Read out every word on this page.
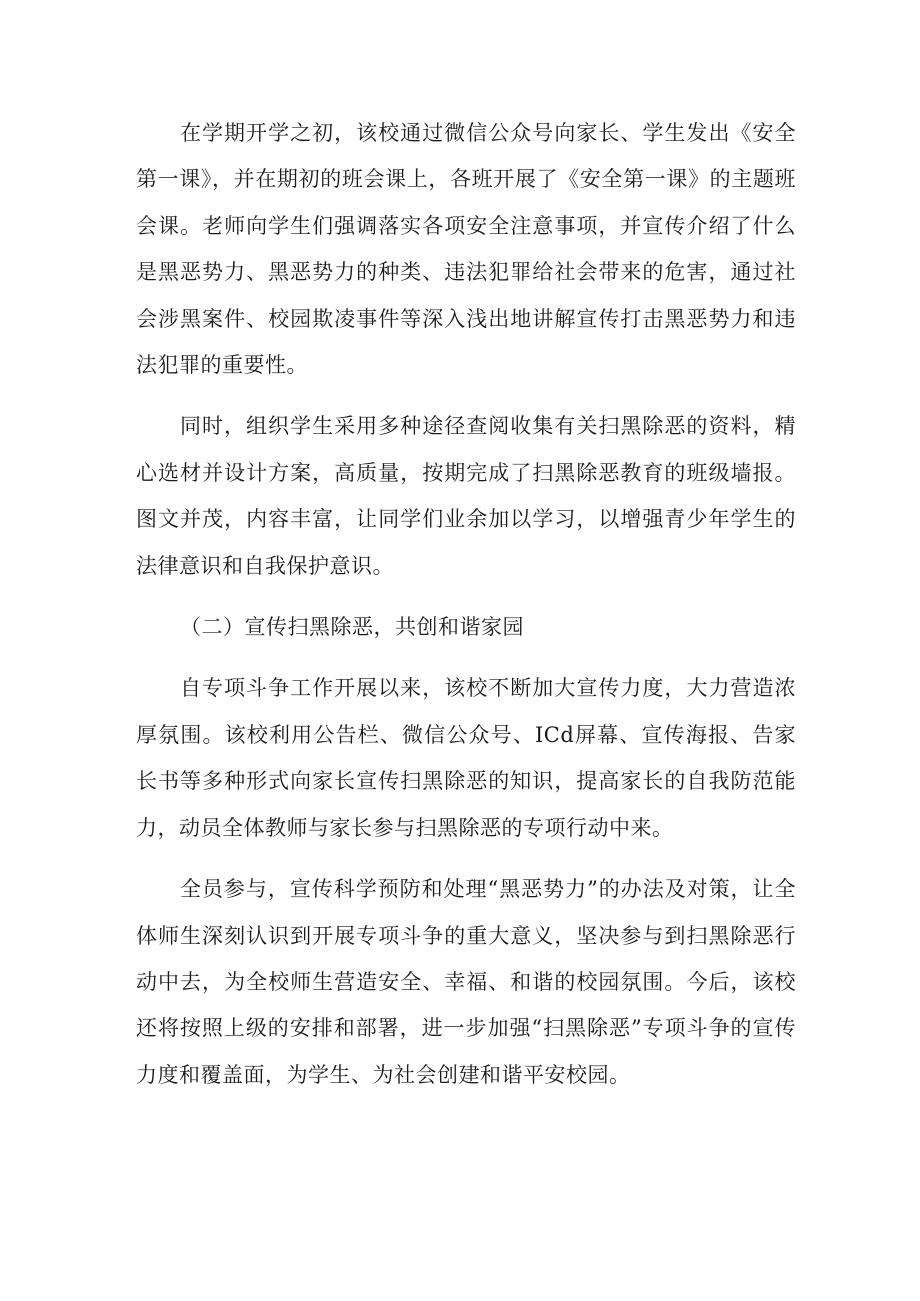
在学期开学之初，该校通过微信公众号向家长、学生发出《安全第一课》，并在期初的班会课上，各班开展了《安全第一课》的主题班会课。老师向学生们强调落实各项安全注意事项，并宣传介绍了什么是黑恶势力、黑恶势力的种类、违法犯罪给社会带来的危害，通过社会涉黑案件、校园欺凌事件等深入浅出地讲解宣传打击黑恶势力和违法犯罪的重要性。

同时，组织学生采用多种途径查阅收集有关扫黑除恶的资料，精心选材并设计方案，高质量，按期完成了扫黑除恶教育的班级墙报。图文并茂，内容丰富，让同学们业余加以学习，以增强青少年学生的法律意识和自我保护意识。

（二）宣传扫黑除恶，共创和谐家园

自专项斗争工作开展以来，该校不断加大宣传力度，大力营造浓厚氛围。该校利用公告栏、微信公众号、ICd屏幕、宣传海报、告家长书等多种形式向家长宣传扫黑除恶的知识，提高家长的自我防范能力，动员全体教师与家长参与扫黑除恶的专项行动中来。

全员参与，宣传科学预防和处理“黑恶势力”的办法及对策，让全体师生深刻认识到开展专项斗争的重大意义，坚决参与到扫黑除恶行动中去，为全校师生营造安全、幸福、和谐的校园氛围。今后，该校还将按照上级的安排和部署，进一步加强“扫黑除恶”专项斗争的宣传力度和覆盖面，为学生、为社会创建和谐平安校园。
